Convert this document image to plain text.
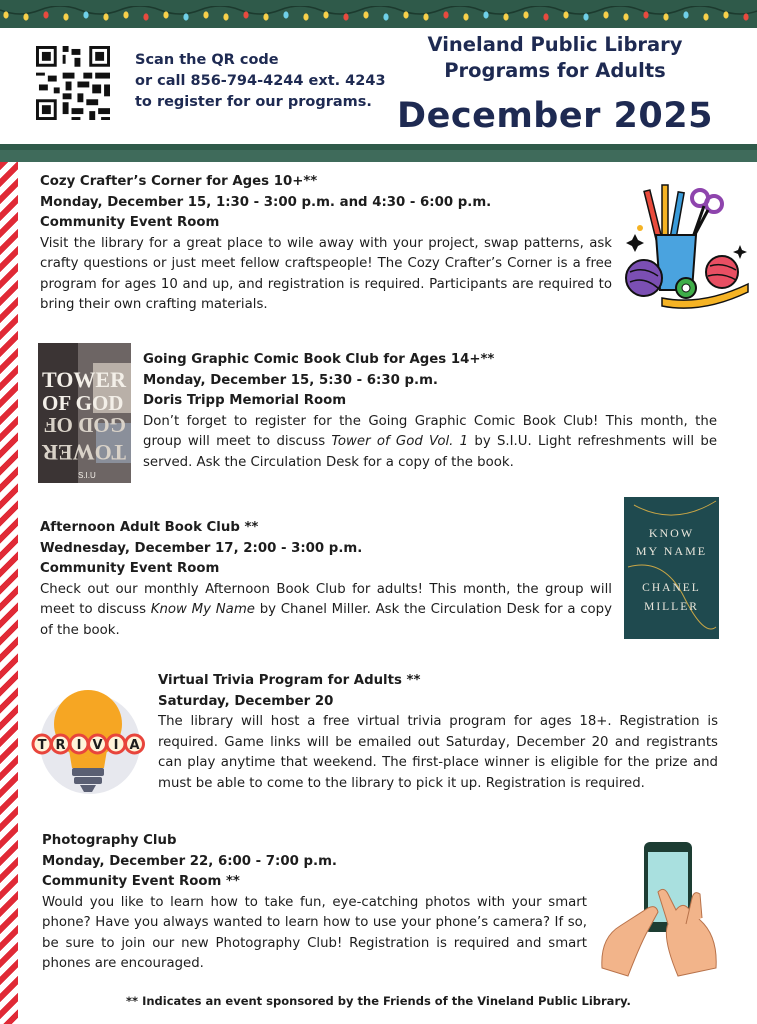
Scan the QR code
or call 856-794-4244 ext. 4243
to register for our programs.
Vineland Public Library
Programs for Adults
December 2025
Cozy Crafter’s Corner for Ages 10+**
Monday, December 15, 1:30 - 3:00 p.m. and 4:30 - 6:00 p.m.
Community Event Room
Visit the library for a great place to wile away with your project, swap patterns, ask crafty questions or just meet fellow craftspeople! The Cozy Crafter’s Corner is a free program for ages 10 and up, and registration is required. Participants are required to bring their own crafting materials.
TOWER
OF GOD
GOD OF
TOWER
S.I.U
Going Graphic Comic Book Club for Ages 14+**
Monday, December 15, 5:30 - 6:30 p.m.
Doris Tripp Memorial Room
Don’t forget to register for the Going Graphic Comic Book Club! This month, the group will meet to discuss Tower of God Vol. 1 by S.I.U. Light refreshments will be served. Ask the Circulation Desk for a copy of the book.
Afternoon Adult Book Club **
Wednesday, December 17, 2:00 - 3:00 p.m.
Community Event Room
Check out our monthly Afternoon Book Club for adults! This month, the group will meet to discuss Know My Name by Chanel Miller. Ask the Circulation Desk for a copy of the book.
KNOW
MY NAME
CHANEL
MILLER
T R I V I A
Virtual Trivia Program for Adults **
Saturday, December 20
The library will host a free virtual trivia program for ages 18+. Registration is required. Game links will be emailed out Saturday, December 20 and registrants can play anytime that weekend. The first-place winner is eligible for the prize and must be able to come to the library to pick it up. Registration is required.
Photography Club
Monday, December 22, 6:00 - 7:00 p.m.
Community Event Room **
Would you like to learn how to take fun, eye-catching photos with your smart phone? Have you always wanted to learn how to use your phone’s camera? If so, be sure to join our new Photography Club! Registration is required and smart phones are encouraged.
** Indicates an event sponsored by the Friends of the Vineland Public Library.
